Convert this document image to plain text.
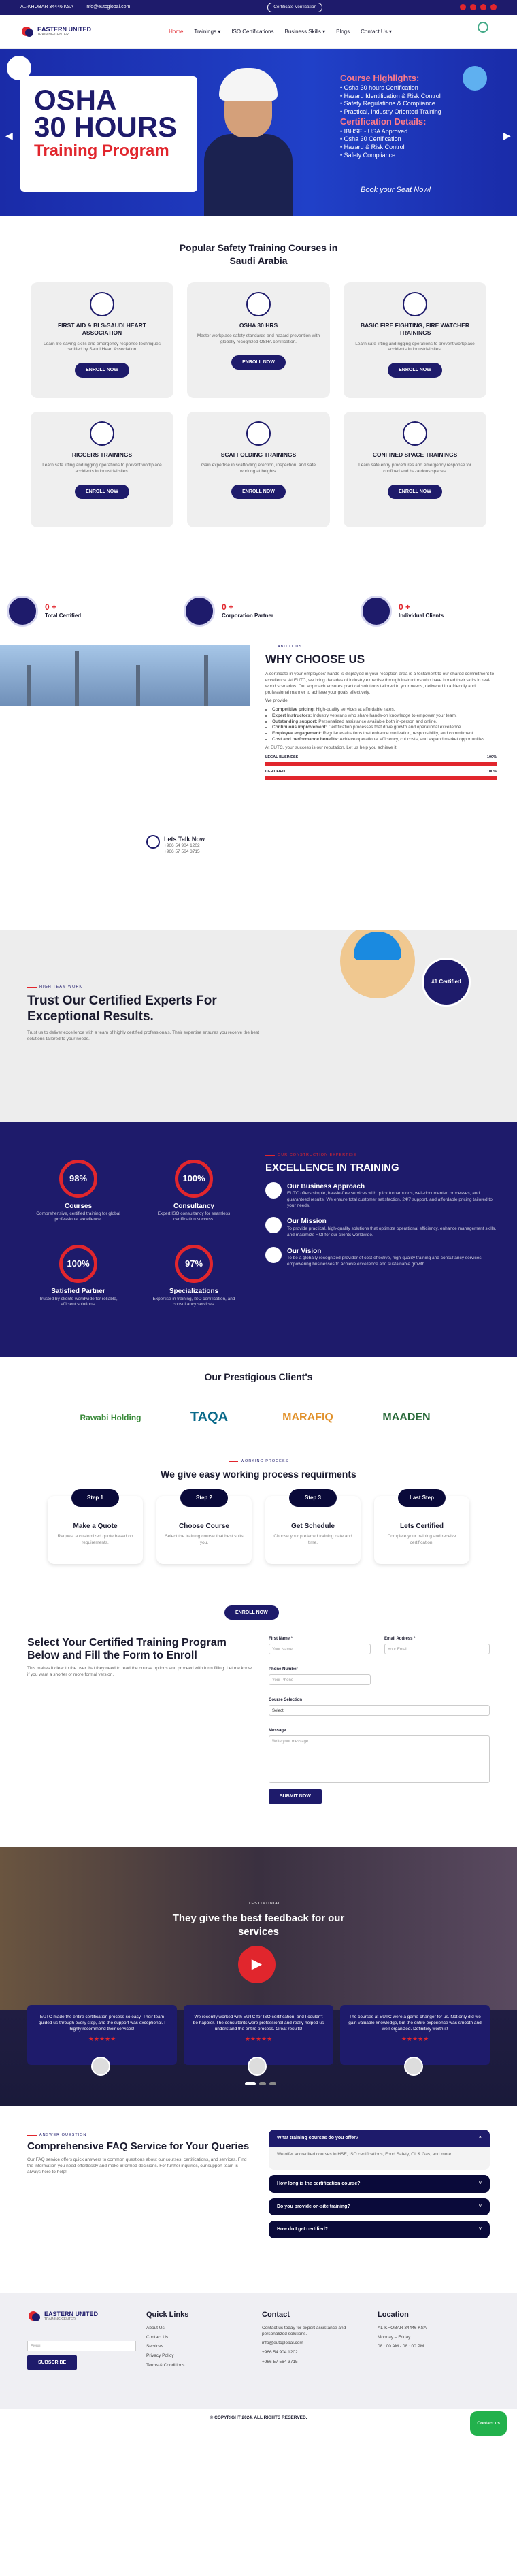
AL-KHOBAR 34446 KSA	info@eutcglobal.com	Certificate Verification
EASTERN UNITED
TRAINING CENTER
Home Trainings ▾ ISO Certifications Business Skills ▾ Blogs Contact Us ▾
OSHA
30 HOURS
Training Program
Course Highlights:
• Osha 30 hours Certification
• Hazard Identification & Risk Control
• Safety Regulations & Compliance
• Practical, Industry Oriented Training
Certification Details:
• IBHSE - USA Approved
• Osha 30 Certification
• Hazard & Risk Control
• Safety Compliance
Book your Seat Now!
◀	▶
Popular Safety Training Courses in Saudi Arabia
FIRST AID & BLS-SAUDI HEART ASSOCIATION
Learn life-saving skills and emergency response techniques certified by Saudi Heart Association.
ENROLL NOW
OSHA 30 HRS
Master workplace safety standards and hazard prevention with globally recognized OSHA certification.
ENROLL NOW
BASIC FIRE FIGHTING, FIRE WATCHER TRAININGS
Learn safe lifting and rigging operations to prevent workplace accidents in industrial sites.
ENROLL NOW
RIGGERS TRAININGS
Learn safe lifting and rigging operations to prevent workplace accidents in industrial sites.
ENROLL NOW
SCAFFOLDING TRAININGS
Gain expertise in scaffolding erection, inspection, and safe working at heights.
ENROLL NOW
CONFINED SPACE TRAININGS
Learn safe entry procedures and emergency response for confined and hazardous spaces.
ENROLL NOW
0 +
Total Certified
0 +
Corporation Partner
0 +
Individual Clients
Lets Talk Now
+966 54 904 1202
+966 57 564 3715
ABOUT US
WHY CHOOSE US

A certificate in your employees' hands is displayed in your reception area is a testament to our shared commitment to excellence. At EUTC, we bring decades of industry expertise through instructors who have honed their skills in real-world scenarios. Our approach ensures practical solutions tailored to your needs, delivered in a friendly and professional manner to achieve your goals effectively.

We provide:

• Competitive pricing: High-quality services at affordable rates.
• Expert Instructors: Industry veterans who share hands-on knowledge to empower your team.
• Outstanding support: Personalized assistance available both in-person and online.
• Continuous improvement: Certification processes that drive growth and operational excellence.
• Employee engagement: Regular evaluations that enhance motivation, responsibility, and commitment.
• Cost and performance benefits: Achieve operational efficiency, cut costs, and expand market opportunities.

At EUTC, your success is our reputation. Let us help you achieve it!

LEGAL BUSINESS	100%
CERTIFIED	100%
#1 Certified
HIGH TEAM WORK
Trust Our Certified Experts For Exceptional Results.

Trust us to deliver excellence with a team of highly certified professionals. Their expertise ensures you receive the best solutions tailored to your needs.

98%
Courses
Comprehensive, certified training for global professional excellence.
100%
Consultancy
Expert ISO consultancy for seamless certification success.
100%
Satisfied Partner
Trusted by clients worldwide for reliable, efficient solutions.
97%
Specializations
Expertise in training, ISO certification, and consultancy services.
OUR CONSTRUCTION EXPERTISE
EXCELLENCE IN TRAINING
Our Business Approach
EUTC offers simple, hassle-free services with quick turnarounds, well-documented processes, and guaranteed results. We ensure total customer satisfaction, 24/7 support, and affordable pricing tailored to your needs.
Our Mission
To provide practical, high-quality solutions that optimize operational efficiency, enhance management skills, and maximize ROI for our clients worldwide.
Our Vision
To be a globally recognized provider of cost-effective, high-quality training and consultancy services, empowering businesses to achieve excellence and sustainable growth.
Our Prestigious Client's
Rawabi Holding	TAQA	MARAFIQ	MAADEN
WORKING PROCESS
We give easy working process requirments
Step 1
Make a Quote
Request a customized quote based on requirements.
Step 2
Choose Course
Select the training course that best suits you.
Step 3
Get Schedule
Choose your preferred training date and time.
Last Step
Lets Certified
Complete your training and receive certification.
ENROLL NOW
Select Your Certified Training Program Below and Fill the Form to Enroll

This makes it clear to the user that they need to read the course options and proceed with form filling. Let me know if you want a shorter or more formal version.

First Name *
Your Name
Email Address *
Your Email
Phone Number
Your Phone
Course Selection
Select
Message
Write your message ...
SUBMIT NOW
TESTIMONIAL
They give the best feedback for our services
▶
EUTC made the entire certification process so easy. Their team guided us through every step, and the support was exceptional. I highly recommend their services!
★★★★★
We recently worked with EUTC for ISO certification, and I couldn't be happier. The consultants were professional and really helped us understand the entire process. Great results!
★★★★★
The courses at EUTC were a game-changer for us. Not only did we gain valuable knowledge, but the entire experience was smooth and well-organized. Definitely worth it!
★★★★★
ANSWER QUESTION
Comprehensive FAQ Service for Your Queries

Our FAQ service offers quick answers to common questions about our courses, certifications, and services. Find the information you need effortlessly and make informed decisions. For further inquiries, our support team is always here to help!

What training courses do you offer?	˄
We offer accredited courses in HSE, ISO certifications, Food Safety, Oil & Gas, and more.
How long is the certification course?	˅
Do you provide on-site training?	˅
How do I get certified?	˅
EASTERN UNITED
TRAINING CENTER
EMAIL
SUBSCRIBE
Quick Links
About Us
Contact Us
Services
Privacy Policy
Terms & Conditions
Contact
Contact us today for expert assistance and personalized solutions.
info@eutcglobal.com
+966 54 904 1202
+966 57 564 3715
Location
AL-KHOBAR 34446 KSA
Monday – Friday
08 : 00 AM - 08 : 00 PM
© COPYRIGHT 2024. ALL RIGHTS RESERVED.
Contact us
